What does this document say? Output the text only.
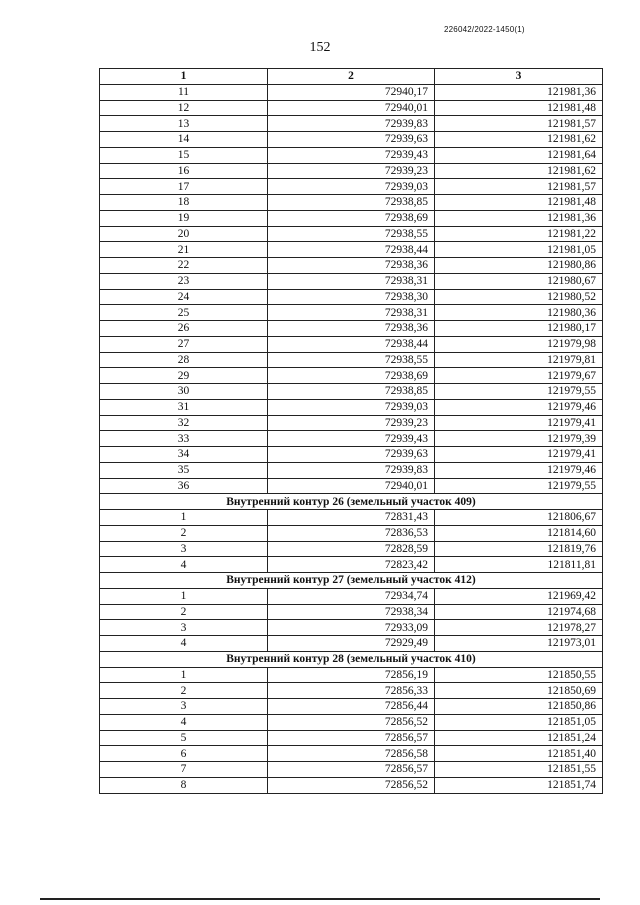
226042/2022-1450(1)
152
1	2	3
11	72940,17	121981,36
12	72940,01	121981,48
13	72939,83	121981,57
14	72939,63	121981,62
15	72939,43	121981,64
16	72939,23	121981,62
17	72939,03	121981,57
18	72938,85	121981,48
19	72938,69	121981,36
20	72938,55	121981,22
21	72938,44	121981,05
22	72938,36	121980,86
23	72938,31	121980,67
24	72938,30	121980,52
25	72938,31	121980,36
26	72938,36	121980,17
27	72938,44	121979,98
28	72938,55	121979,81
29	72938,69	121979,67
30	72938,85	121979,55
31	72939,03	121979,46
32	72939,23	121979,41
33	72939,43	121979,39
34	72939,63	121979,41
35	72939,83	121979,46
36	72940,01	121979,55
Внутренний контур 26 (земельный участок 409)		
1	72831,43	121806,67
2	72836,53	121814,60
3	72828,59	121819,76
4	72823,42	121811,81
Внутренний контур 27 (земельный участок 412)		
1	72934,74	121969,42
2	72938,34	121974,68
3	72933,09	121978,27
4	72929,49	121973,01
Внутренний контур 28 (земельный участок 410)		
1	72856,19	121850,55
2	72856,33	121850,69
3	72856,44	121850,86
4	72856,52	121851,05
5	72856,57	121851,24
6	72856,58	121851,40
7	72856,57	121851,55
8	72856,52	121851,74
